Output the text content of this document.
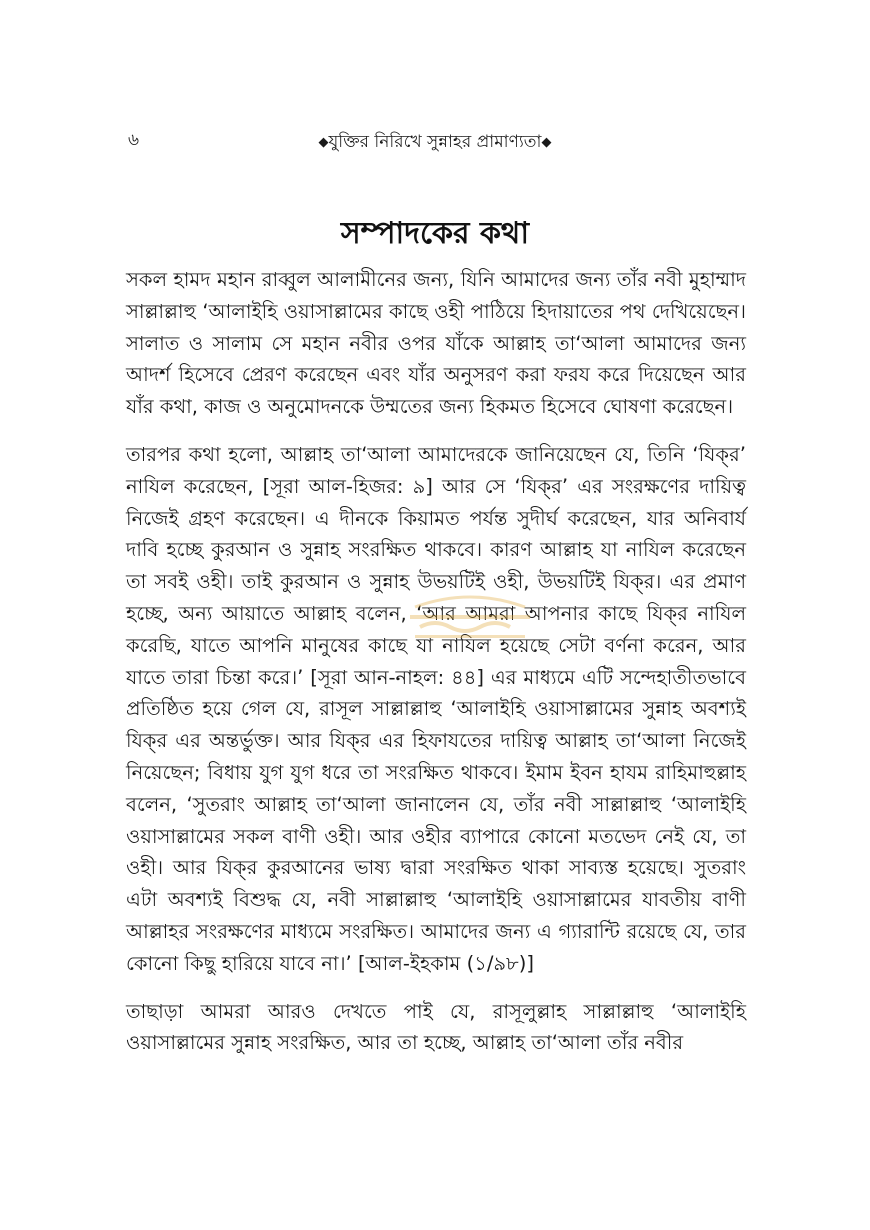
৬	◆যুক্তির নিরিখে সুন্নাহর প্রামাণ্যতা◆
সম্পাদকের কথা

সকল হামদ মহান রাব্বুল আলামীনের জন্য, যিনি আমাদের জন্য তাঁর নবী মুহাম্মাদ সাল্লাল্লাহু ‘আলাইহি ওয়াসাল্লামের কাছে ওহী পাঠিয়ে হিদায়াতের পথ দেখিয়েছেন। সালাত ও সালাম সে মহান নবীর ওপর যাঁকে আল্লাহ তা‘আলা আমাদের জন্য আদর্শ হিসেবে প্রেরণ করেছেন এবং যাঁর অনুসরণ করা ফরয করে দিয়েছেন আর যাঁর কথা, কাজ ও অনুমোদনকে উম্মতের জন্য হিকমত হিসেবে ঘোষণা করেছেন।

তারপর কথা হলো, আল্লাহ তা‘আলা আমাদেরকে জানিয়েছেন যে, তিনি ‘যিক্‌র’ নাযিল করেছেন, [সূরা আল-হিজর: ৯] আর সে ‘যিক্‌র’ এর সংরক্ষণের দায়িত্ব নিজেই গ্রহণ করেছেন। এ দীনকে কিয়ামত পর্যন্ত সুদীর্ঘ করেছেন, যার অনিবার্য দাবি হচ্ছে কুরআন ও সুন্নাহ সংরক্ষিত থাকবে। কারণ আল্লাহ যা নাযিল করেছেন তা সবই ওহী। তাই কুরআন ও সুন্নাহ উভয়টিই ওহী, উভয়টিই যিক্‌র। এর প্রমাণ হচ্ছে, অন্য আয়াতে আল্লাহ বলেন, ‘আর আমরা আপনার কাছে যিক্‌র নাযিল করেছি, যাতে আপনি মানুষের কাছে যা নাযিল হয়েছে সেটা বর্ণনা করেন, আর যাতে তারা চিন্তা করে।’ [সূরা আন-নাহল: ৪৪] এর মাধ্যমে এটি সন্দেহাতীতভাবে প্রতিষ্ঠিত হয়ে গেল যে, রাসূল সাল্লাল্লাহু ‘আলাইহি ওয়াসাল্লামের সুন্নাহ অবশ্যই যিক্‌র এর অন্তর্ভুক্ত। আর যিক্‌র এর হিফাযতের দায়িত্ব আল্লাহ তা‘আলা নিজেই নিয়েছেন; বিধায় যুগ যুগ ধরে তা সংরক্ষিত থাকবে। ইমাম ইবন হাযম রাহিমাহুল্লাহ বলেন, ‘সুতরাং আল্লাহ তা‘আলা জানালেন যে, তাঁর নবী সাল্লাল্লাহু ‘আলাইহি ওয়াসাল্লামের সকল বাণী ওহী। আর ওহীর ব্যাপারে কোনো মতভেদ নেই যে, তা ওহী। আর যিক্‌র কুরআনের ভাষ্য দ্বারা সংরক্ষিত থাকা সাব্যস্ত হয়েছে। সুতরাং এটা অবশ্যই বিশুদ্ধ যে, নবী সাল্লাল্লাহু ‘আলাইহি ওয়াসাল্লামের যাবতীয় বাণী আল্লাহর সংরক্ষণের মাধ্যমে সংরক্ষিত। আমাদের জন্য এ গ্যারান্টি রয়েছে যে, তার কোনো কিছু হারিয়ে যাবে না।’ [আল-ইহকাম (১/৯৮)]

তাছাড়া আমরা আরও দেখতে পাই যে, রাসূলুল্লাহ সাল্লাল্লাহু ‘আলাইহি ওয়াসাল্লামের সুন্নাহ সংরক্ষিত, আর তা হচ্ছে, আল্লাহ তা‘আলা তাঁর নবীর
